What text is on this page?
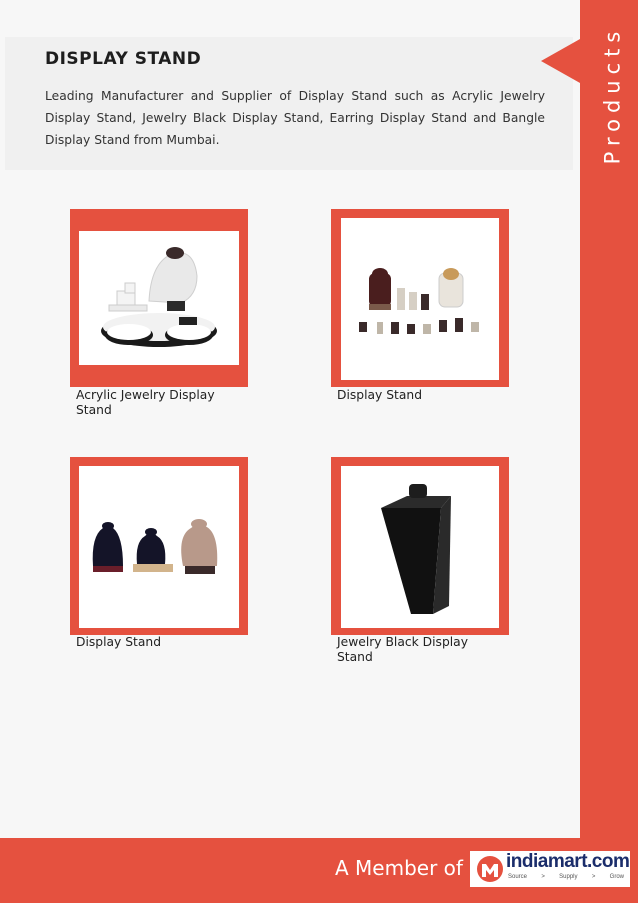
DISPLAY STAND
Leading Manufacturer and Supplier of Display Stand such as Acrylic Jewelry Display Stand, Jewelry Black Display Stand, Earring Display Stand and Bangle Display Stand from Mumbai.	Products
Acrylic Jewelry Display Stand
Display Stand
Display Stand	Jewelry Black Display Stand
A Member of indiamart.com
Source > Supply > Grow
